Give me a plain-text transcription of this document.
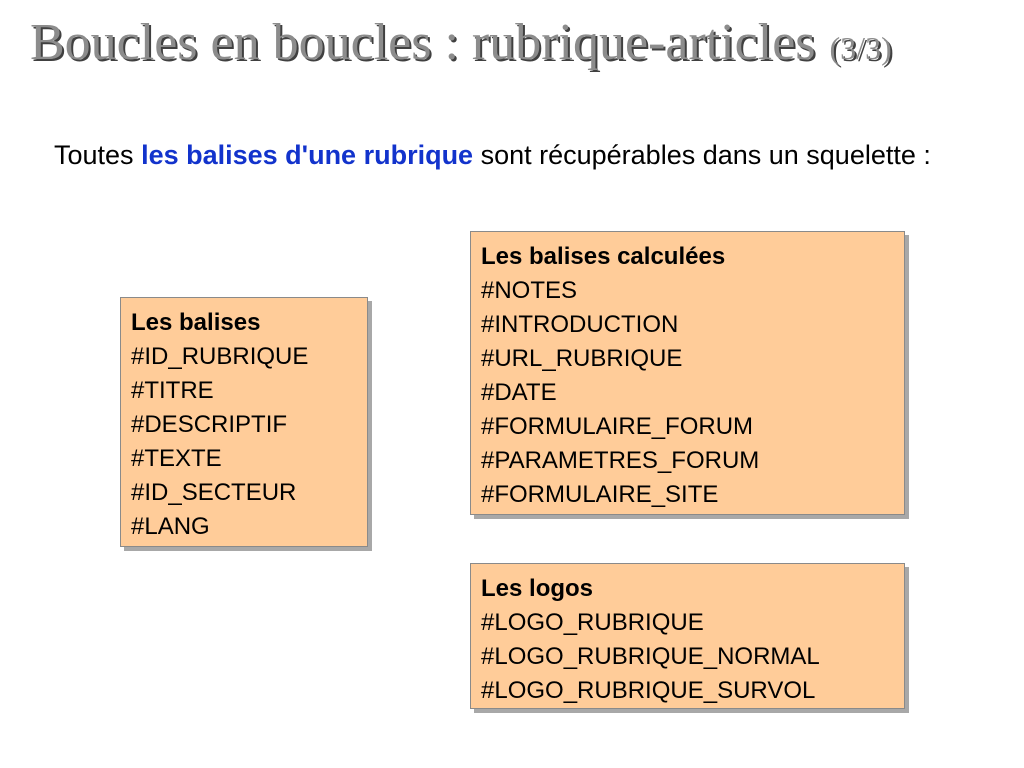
Boucles en boucles : rubrique-articles (3/3)
Toutes les balises d'une rubrique sont récupérables dans un squelette :
Les balises
#ID_RUBRIQUE
#TITRE
#DESCRIPTIF
#TEXTE
#ID_SECTEUR
#LANG
Les balises calculées
#NOTES
#INTRODUCTION
#URL_RUBRIQUE
#DATE
#FORMULAIRE_FORUM
#PARAMETRES_FORUM
#FORMULAIRE_SITE
Les logos
#LOGO_RUBRIQUE
#LOGO_RUBRIQUE_NORMAL
#LOGO_RUBRIQUE_SURVOL
